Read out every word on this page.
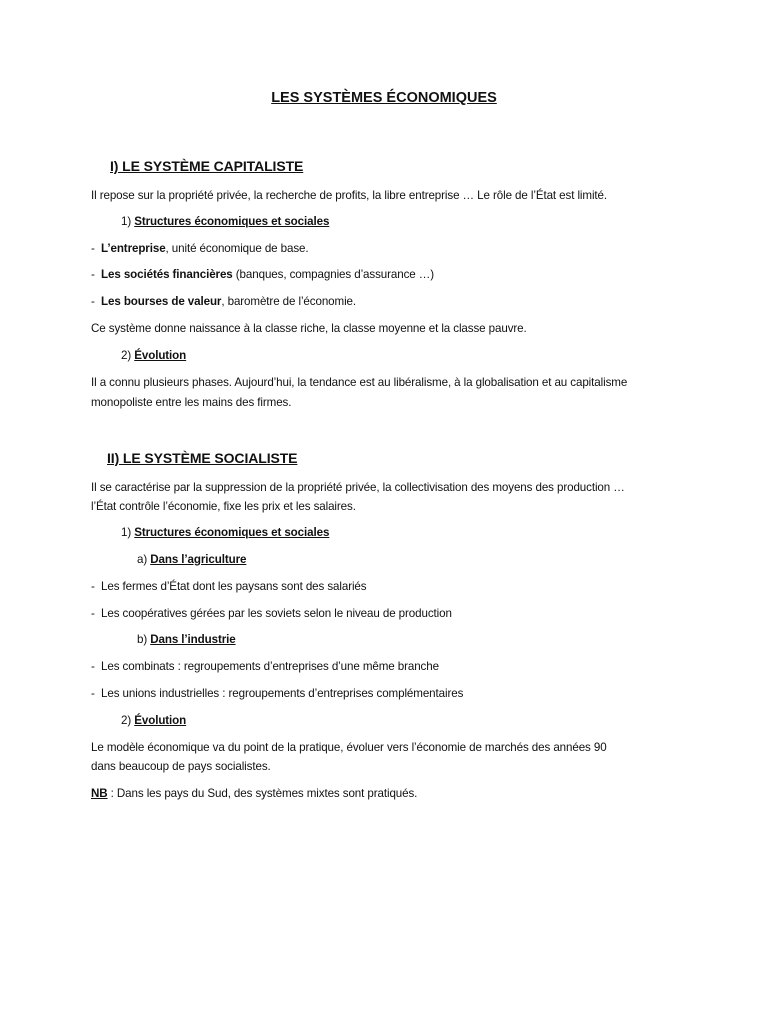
LES SYSTÈMES ÉCONOMIQUES
I) LE SYSTÈME CAPITALISTE
Il repose sur la propriété privée, la recherche de profits, la libre entreprise … Le rôle de l’État est limité.
1) Structures économiques et sociales
- L’entreprise, unité économique de base.
- Les sociétés financières (banques, compagnies d’assurance …)
- Les bourses de valeur, baromètre de l’économie.
Ce système donne naissance à la classe riche, la classe moyenne et la classe pauvre.
2) Évolution
Il a connu plusieurs phases. Aujourd’hui, la tendance est au libéralisme, à la globalisation et au capitalisme
monopoliste entre les mains des firmes.
II) LE SYSTÈME SOCIALISTE
Il se caractérise par la suppression de la propriété privée, la collectivisation des moyens des production …
l’État contrôle l’économie, fixe les prix et les salaires.
1) Structures économiques et sociales
a) Dans l’agriculture
- Les fermes d’État dont les paysans sont des salariés
- Les coopératives gérées par les soviets selon le niveau de production
b) Dans l’industrie
- Les combinats : regroupements d’entreprises d’une même branche
- Les unions industrielles : regroupements d’entreprises complémentaires
2) Évolution
Le modèle économique va du point de la pratique, évoluer vers l’économie de marchés des années 90
dans beaucoup de pays socialistes.
NB : Dans les pays du Sud, des systèmes mixtes sont pratiqués.
